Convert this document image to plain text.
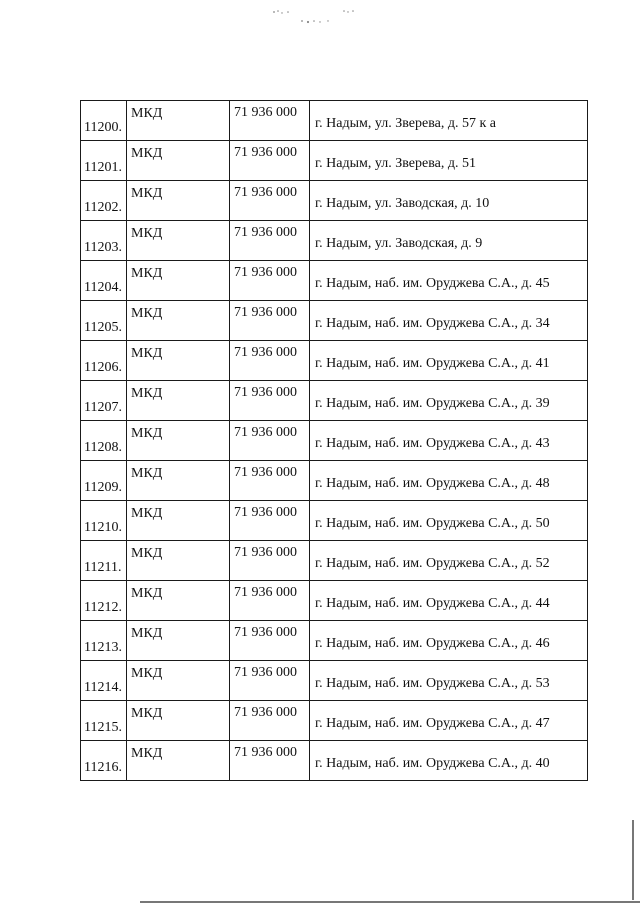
11200.	МКД	71 936 000	г. Надым, ул. Зверева, д. 57 к а
11201.	МКД	71 936 000	г. Надым, ул. Зверева, д. 51
11202.	МКД	71 936 000	г. Надым, ул. Заводская, д. 10
11203.	МКД	71 936 000	г. Надым, ул. Заводская, д. 9
11204.	МКД	71 936 000	г. Надым, наб. им. Оруджева С.А., д. 45
11205.	МКД	71 936 000	г. Надым, наб. им. Оруджева С.А., д. 34
11206.	МКД	71 936 000	г. Надым, наб. им. Оруджева С.А., д. 41
11207.	МКД	71 936 000	г. Надым, наб. им. Оруджева С.А., д. 39
11208.	МКД	71 936 000	г. Надым, наб. им. Оруджева С.А., д. 43
11209.	МКД	71 936 000	г. Надым, наб. им. Оруджева С.А., д. 48
11210.	МКД	71 936 000	г. Надым, наб. им. Оруджева С.А., д. 50
11211.	МКД	71 936 000	г. Надым, наб. им. Оруджева С.А., д. 52
11212.	МКД	71 936 000	г. Надым, наб. им. Оруджева С.А., д. 44
11213.	МКД	71 936 000	г. Надым, наб. им. Оруджева С.А., д. 46
11214.	МКД	71 936 000	г. Надым, наб. им. Оруджева С.А., д. 53
11215.	МКД	71 936 000	г. Надым, наб. им. Оруджева С.А., д. 47
11216.	МКД	71 936 000	г. Надым, наб. им. Оруджева С.А., д. 40
